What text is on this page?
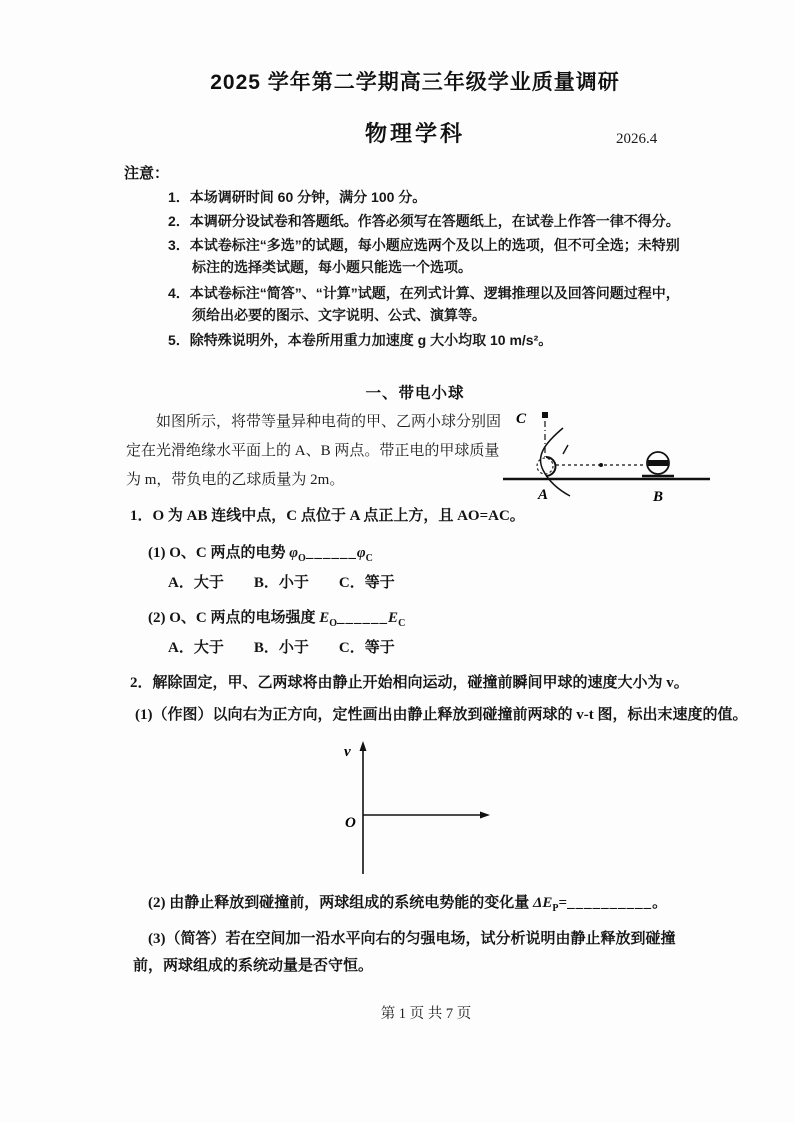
2025 学年第二学期高三年级学业质量调研
物理学科	2026.4
注意：
1．本场调研时间 60 分钟，满分 100 分。
2．本调研分设试卷和答题纸。作答必须写在答题纸上，在试卷上作答一律不得分。
3．本试卷标注“多选”的试题，每小题应选两个及以上的选项，但不可全选；未特别标注的选择类试题，每小题只能选一个选项。
4．本试卷标注“简答”、“计算”试题，在列式计算、逻辑推理以及回答问题过程中，须给出必要的图示、文字说明、公式、演算等。
5．除特殊说明外，本卷所用重力加速度 g 大小均取 10 m/s²。
一、带电小球
如图所示，将带等量异种电荷的甲、乙两小球分别固定在光滑绝缘水平面上的 A、B 两点。带正电的甲球质量为 m，带负电的乙球质量为 2m。
C
A	B
1．O 为 AB 连线中点，C 点位于 A 点正上方，且 AO=AC。
(1) O、C 两点的电势 $\varphi_O\_\_\_\_\_\_\varphi_C$
A．大于 B．小于 C．等于
(2) O、C 两点的电场强度 $E_O\_\_\_\_\_\_E_C$
A．大于 B．小于 C．等于
2．解除固定，甲、乙两球将由静止开始相向运动，碰撞前瞬间甲球的速度大小为 v。
(1)（作图）以向右为正方向，定性画出由静止释放到碰撞前两球的 v-t 图，标出末速度的值。
v
O
(2) 由静止释放到碰撞前，两球组成的系统电势能的变化量 $\Delta E_P=\_\_\_\_\_\_\_\_\_\_$。
(3)（简答）若在空间加一沿水平向右的匀强电场，试分析说明由静止释放到碰撞前，两球组成的系统动量是否守恒。
第 1 页 共 7 页
